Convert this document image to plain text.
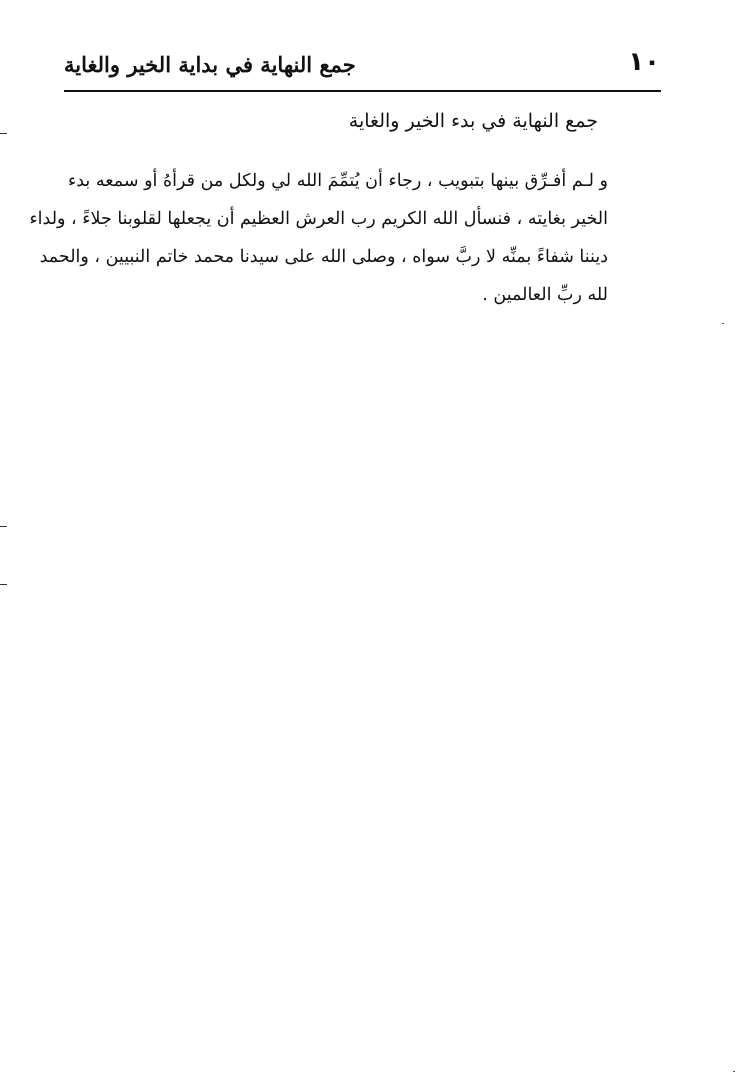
١٠
جمع النهاية في بداية الخير والغاية
جمع النهاية في بدء الخير والغاية
و لـم أفـرِّق بينها بتبويب ، رجاء أن يُتمِّمَ الله لي ولكل من قرأهُ أو سمعه بدء
الخير بغايته ، فنسأل الله الكريم رب العرش العظيم أن يجعلها لقلوبنا جلاءً ، ولداء
ديننا شفاءً بمنِّه لا ربَّ سواه ، وصلى الله على سيدنا محمد خاتم النبيين ، والحمد
لله ربِّ العالمين .
